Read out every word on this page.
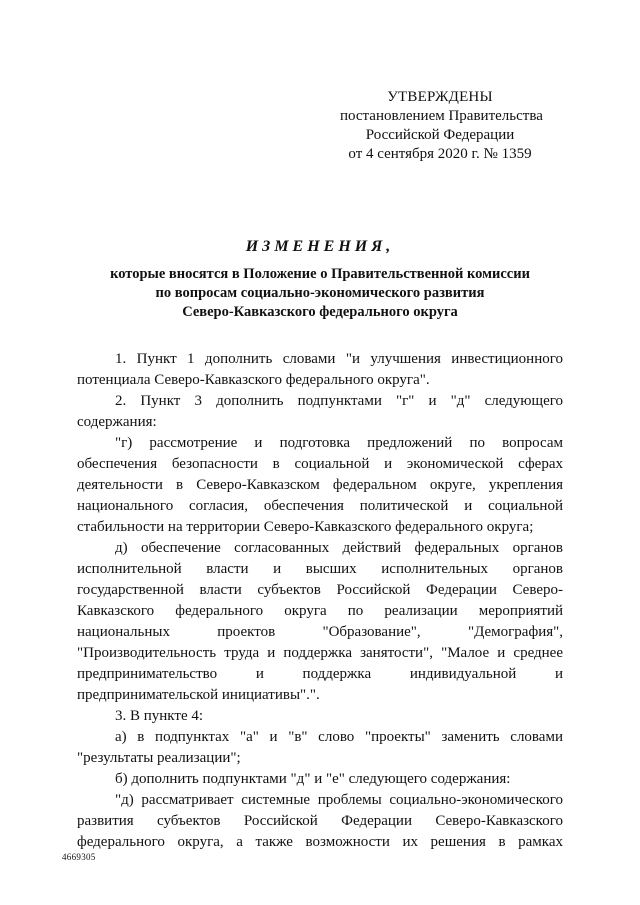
УТВЕРЖДЕНЫ
постановлением Правительства
Российской Федерации
от 4 сентября 2020 г. № 1359
ИЗМЕНЕНИЯ,
которые вносятся в Положение о Правительственной комиссии
по вопросам социально-экономического развития
Северо-Кавказского федерального округа

1. Пункт 1 дополнить словами "и улучшения инвестиционного потенциала Северо-Кавказского федерального округа".

2. Пункт 3 дополнить подпунктами "г" и "д" следующего содержания:

"г) рассмотрение и подготовка предложений по вопросам обеспечения безопасности в социальной и экономической сферах деятельности в Северо-Кавказском федеральном округе, укрепления национального согласия, обеспечения политической и социальной стабильности на территории Северо-Кавказского федерального округа;

д) обеспечение согласованных действий федеральных органов исполнительной власти и высших исполнительных органов государственной власти субъектов Российской Федерации Северо-Кавказского федерального округа по реализации мероприятий национальных проектов "Образование", "Демография", "Производительность труда и поддержка занятости", "Малое и среднее предпринимательство и поддержка индивидуальной и предпринимательской инициативы".".

3. В пункте 4:

а) в подпунктах "а" и "в" слово "проекты" заменить словами "результаты реализации";

б) дополнить подпунктами "д" и "е" следующего содержания:

"д) рассматривает системные проблемы социально-экономического развития субъектов Российской Федерации Северо-Кавказского федерального округа, а также возможности их решения в рамках

4669305
